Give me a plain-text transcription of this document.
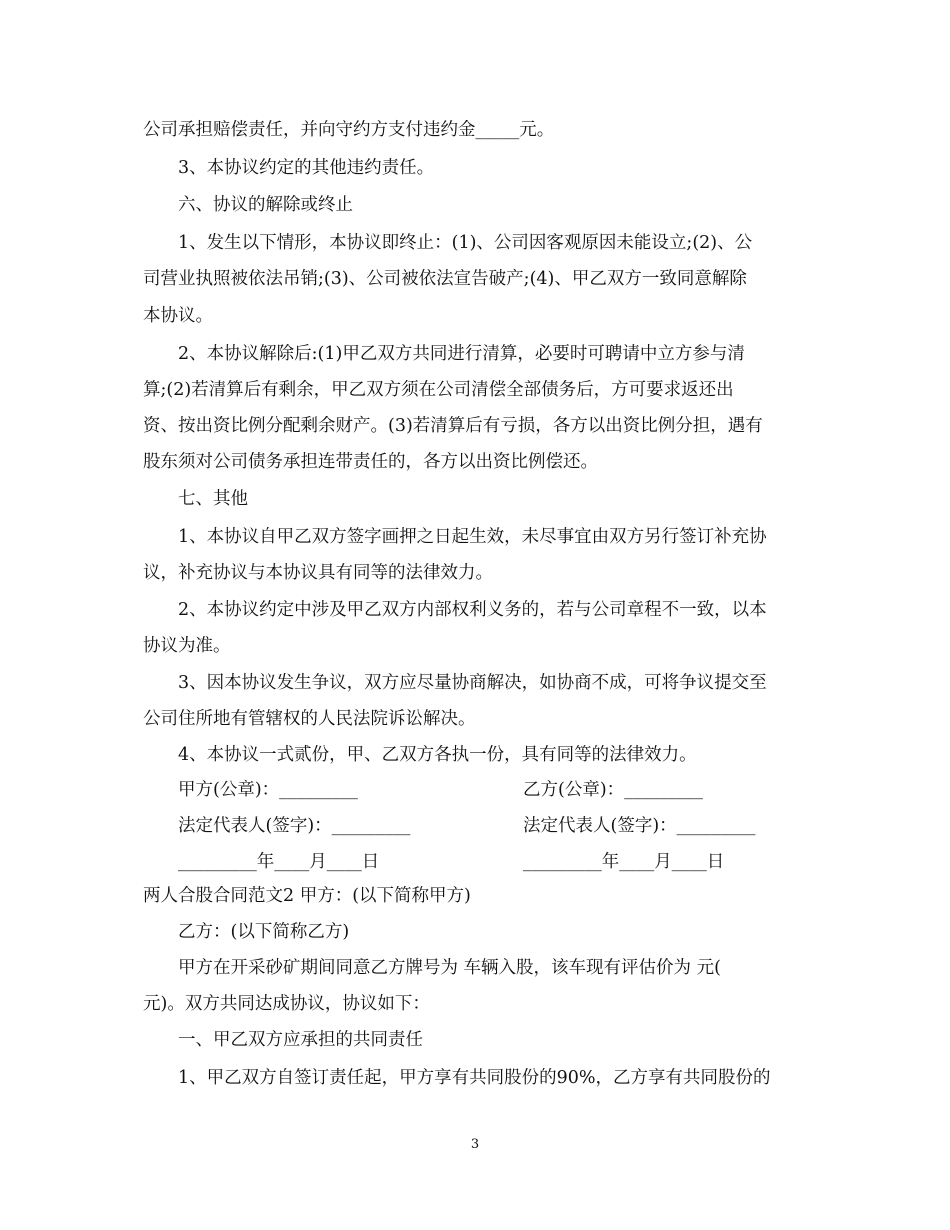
公司承担赔偿责任，并向守约方支付违约金_____元。
3、本协议约定的其他违约责任。
六、协议的解除或终止
1、发生以下情形，本协议即终止：(1)、公司因客观原因未能设立;(2)、公
司营业执照被依法吊销;(3)、公司被依法宣告破产;(4)、甲乙双方一致同意解除
本协议。
2、本协议解除后:(1)甲乙双方共同进行清算，必要时可聘请中立方参与清
算;(2)若清算后有剩余，甲乙双方须在公司清偿全部债务后，方可要求返还出
资、按出资比例分配剩余财产。(3)若清算后有亏损，各方以出资比例分担，遇有
股东须对公司债务承担连带责任的，各方以出资比例偿还。
七、其他
1、本协议自甲乙双方签字画押之日起生效，未尽事宜由双方另行签订补充协
议，补充协议与本协议具有同等的法律效力。
2、本协议约定中涉及甲乙双方内部权利义务的，若与公司章程不一致，以本
协议为准。
3、因本协议发生争议，双方应尽量协商解决，如协商不成，可将争议提交至
公司住所地有管辖权的人民法院诉讼解决。
4、本协议一式贰份，甲、乙双方各执一份，具有同等的法律效力。
甲方(公章)：_________	乙方(公章)：_________
法定代表人(签字)：_________	法定代表人(签字)：_________
_________年____月____日	_________年____月____日
两人合股合同范文2 甲方：(以下简称甲方)
乙方：(以下简称乙方)
甲方在开采砂矿期间同意乙方牌号为 车辆入股，该车现有评估价为 元(
元)。双方共同达成协议，协议如下：
一、甲乙双方应承担的共同责任
1、甲乙双方自签订责任起，甲方享有共同股份的90%，乙方享有共同股份的
3
